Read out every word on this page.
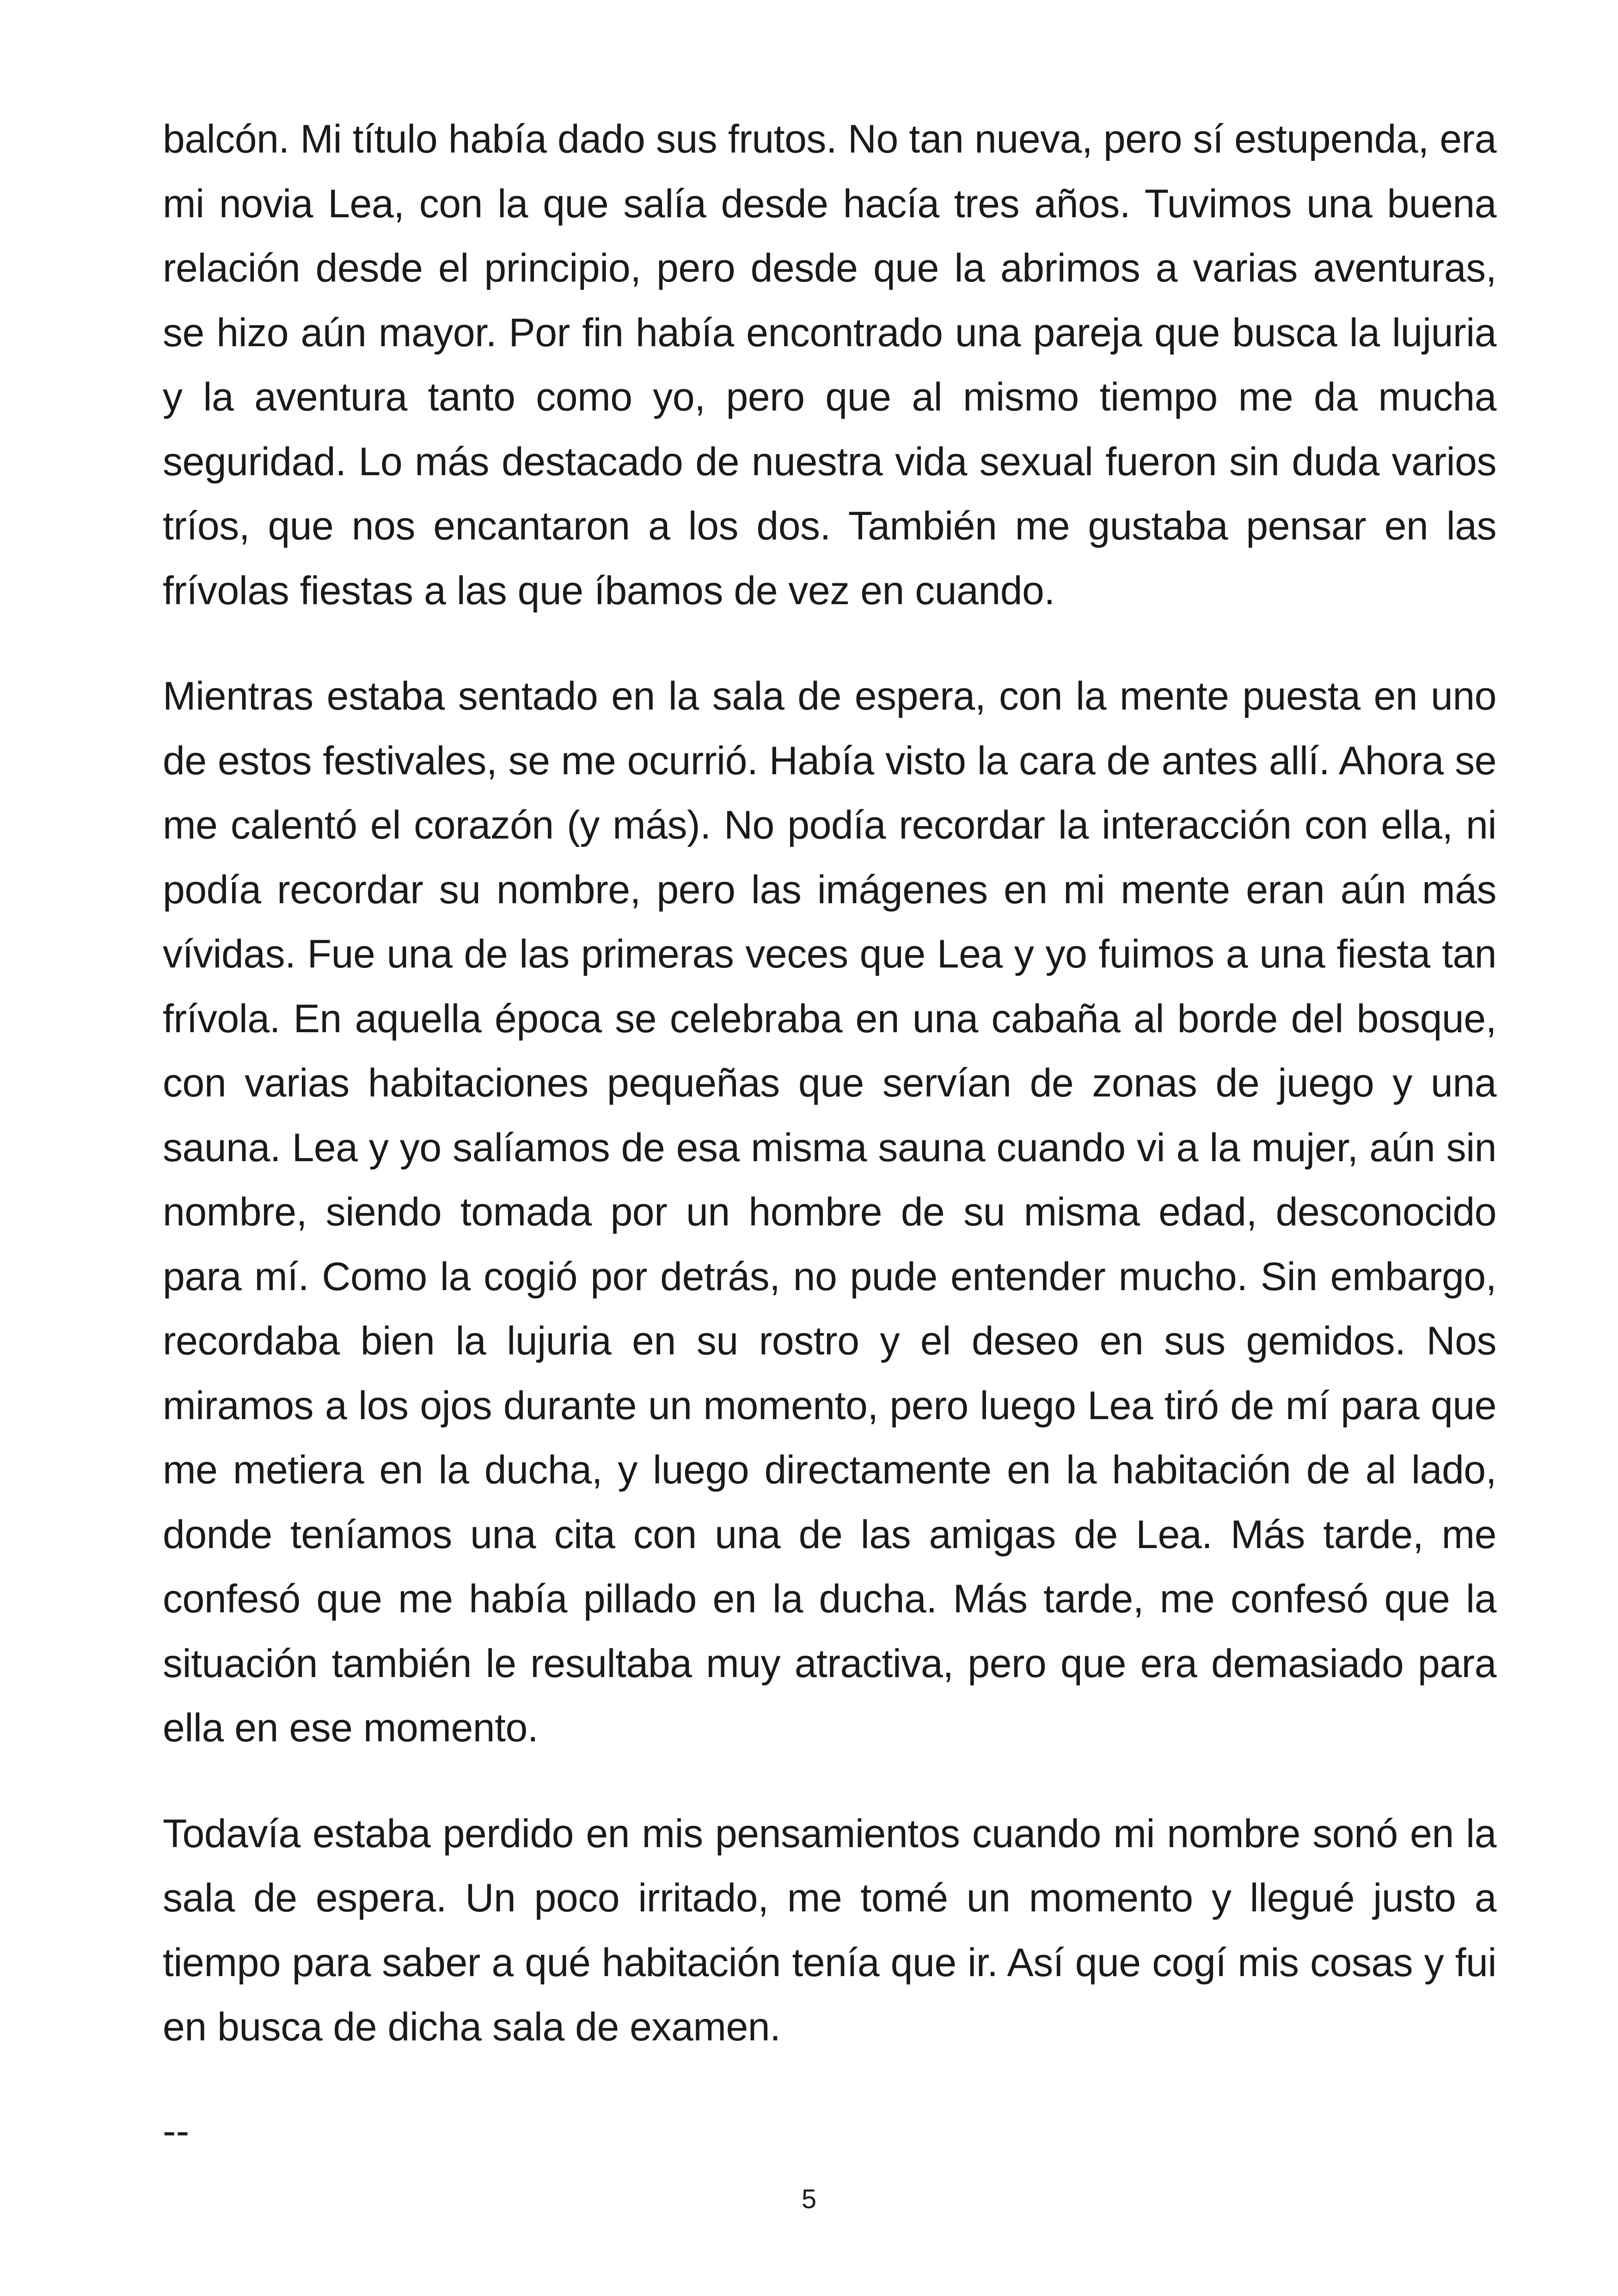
balcón. Mi título había dado sus frutos. No tan nueva, pero sí estupenda, era mi novia Lea, con la que salía desde hacía tres años. Tuvimos una buena relación desde el principio, pero desde que la abrimos a varias aventuras, se hizo aún mayor. Por fin había encontrado una pareja que busca la lujuria y la aventura tanto como yo, pero que al mismo tiempo me da mucha seguridad. Lo más destacado de nuestra vida sexual fueron sin duda varios tríos, que nos encantaron a los dos. También me gustaba pensar en las frívolas fiestas a las que íbamos de vez en cuando.

Mientras estaba sentado en la sala de espera, con la mente puesta en uno de estos festivales, se me ocurrió. Había visto la cara de antes allí. Ahora se me calentó el corazón (y más). No podía recordar la interacción con ella, ni podía recordar su nombre, pero las imágenes en mi mente eran aún más vívidas. Fue una de las primeras veces que Lea y yo fuimos a una fiesta tan frívola. En aquella época se celebraba en una cabaña al borde del bosque, con varias habitaciones pequeñas que servían de zonas de juego y una sauna. Lea y yo salíamos de esa misma sauna cuando vi a la mujer, aún sin nombre, siendo tomada por un hombre de su misma edad, desconocido para mí. Como la cogió por detrás, no pude entender mucho. Sin embargo, recordaba bien la lujuria en su rostro y el deseo en sus gemidos. Nos miramos a los ojos durante un momento, pero luego Lea tiró de mí para que me metiera en la ducha, y luego directamente en la habitación de al lado, donde teníamos una cita con una de las amigas de Lea. Más tarde, me confesó que me había pillado en la ducha. Más tarde, me confesó que la situación también le resultaba muy atractiva, pero que era demasiado para ella en ese momento.

Todavía estaba perdido en mis pensamientos cuando mi nombre sonó en la sala de espera. Un poco irritado, me tomé un momento y llegué justo a tiempo para saber a qué habitación tenía que ir. Así que cogí mis cosas y fui en busca de dicha sala de examen.

--
5
